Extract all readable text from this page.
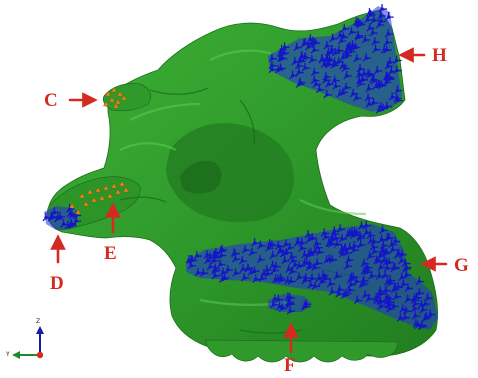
C
D
E
F
G
H
Z
Y
